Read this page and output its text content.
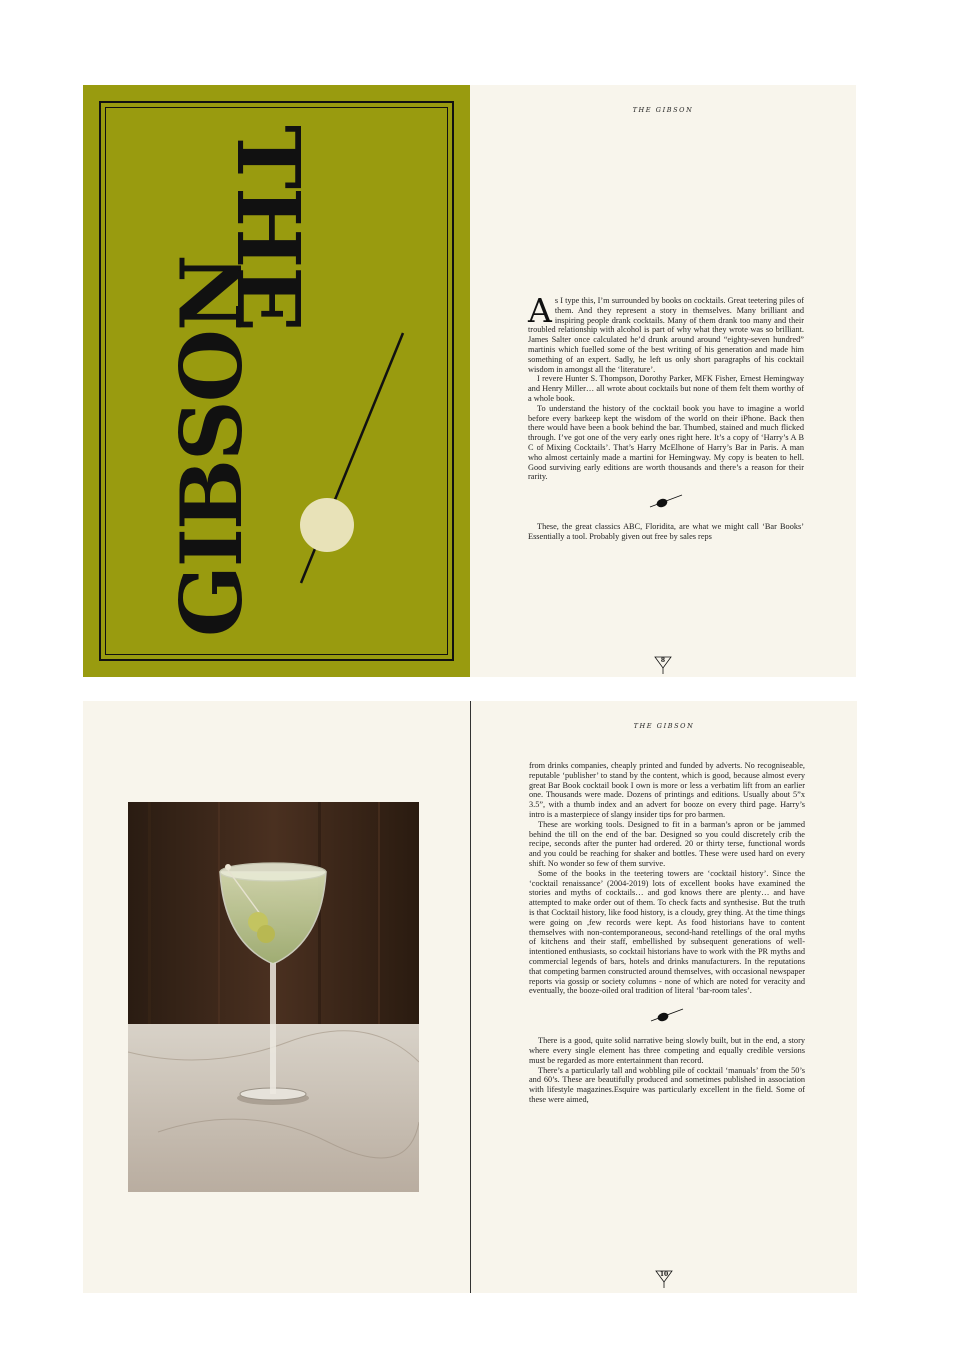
GIBSON
THE
THE GIBSON

As I type this, I’m surrounded by books on cocktails. Great teetering piles of them. And they represent a story in themselves. Many brilliant and inspiring people drank cocktails. Many of them drank too many and their troubled relationship with alcohol is part of why what they wrote was so brilliant. James Salter once calculated he’d drunk around around “eighty-seven hundred” martinis which fuelled some of the best writing of his generation and made him something of an expert. Sadly, he left us only short paragraphs of his cocktail wisdom in amongst all the ‘literature’.

I revere Hunter S. Thompson, Dorothy Parker, MFK Fisher, Ernest Hemingway and Henry Miller… all wrote about cocktails but none of them felt them worthy of a whole book.

To understand the history of the cocktail book you have to imagine a world before every barkeep kept the wisdom of the world on their iPhone. Back then there would have been a book behind the bar. Thumbed, stained and much flicked through. I’ve got one of the very early ones right here. It’s a copy of ‘Harry’s A B C of Mixing Cocktails’. That’s Harry McElhone of Harry’s Bar in Paris. A man who almost certainly made a martini for Hemingway. My copy is beaten to hell. Good surviving early editions are worth thousands and there’s a reason for their rarity.

These, the great classics ABC, Floridita, are what we might call ‘Bar Books’ Essentially a tool. Probably given out free by sales reps

8
THE GIBSON

from drinks companies, cheaply printed and funded by adverts. No recogniseable, reputable ‘publisher’ to stand by the content, which is good, because almost every great Bar Book cocktail book I own is more or less a verbatim lift from an earlier one. Thousands were made. Dozens of printings and editions. Usually about 5”x 3.5”, with a thumb index and an advert for booze on every third page. Harry’s intro is a masterpiece of slangy insider tips for pro barmen.

These are working tools. Designed to fit in a barman’s apron or be jammed behind the till on the end of the bar. Designed so you could discretely crib the recipe, seconds after the punter had ordered. 20 or thirty terse, functional words and you could be reaching for shaker and bottles. These were used hard on every shift. No wonder so few of them survive.

Some of the books in the teetering towers are ‘cocktail history’. Since the ‘cocktail renaissance’ (2004-2019) lots of excellent books have examined the stories and myths of cocktails… and god knows there are plenty… and have attempted to make order out of them. To check facts and synthesise. But the truth is that Cocktail history, like food history, is a cloudy, grey thing. At the time things were going on ,few records were kept. As food historians have to content themselves with non-contemporaneous, second-hand retellings of the oral myths of kitchens and their staff, embellished by subsequent generations of well-intentioned enthusiasts, so cocktail historians have to work with the PR myths and commercial legends of bars, hotels and drinks manufacturers. In the reputations that competing barmen constructed around themselves, with occasional newspaper reports via gossip or society columns - none of which are noted for veracity and eventually, the booze-oiled oral tradition of literal ‘bar-room tales’.

There is a good, quite solid narrative being slowly built, but in the end, a story where every single element has three competing and equally credible versions must be regarded as more entertainment than record.

There’s a particularly tall and wobbling pile of cocktail ‘manuals’ from the 50’s and 60’s. These are beautifully produced and sometimes published in association with lifestyle magazines.Esquire was particularly excellent in the field. Some of these were aimed,

10
